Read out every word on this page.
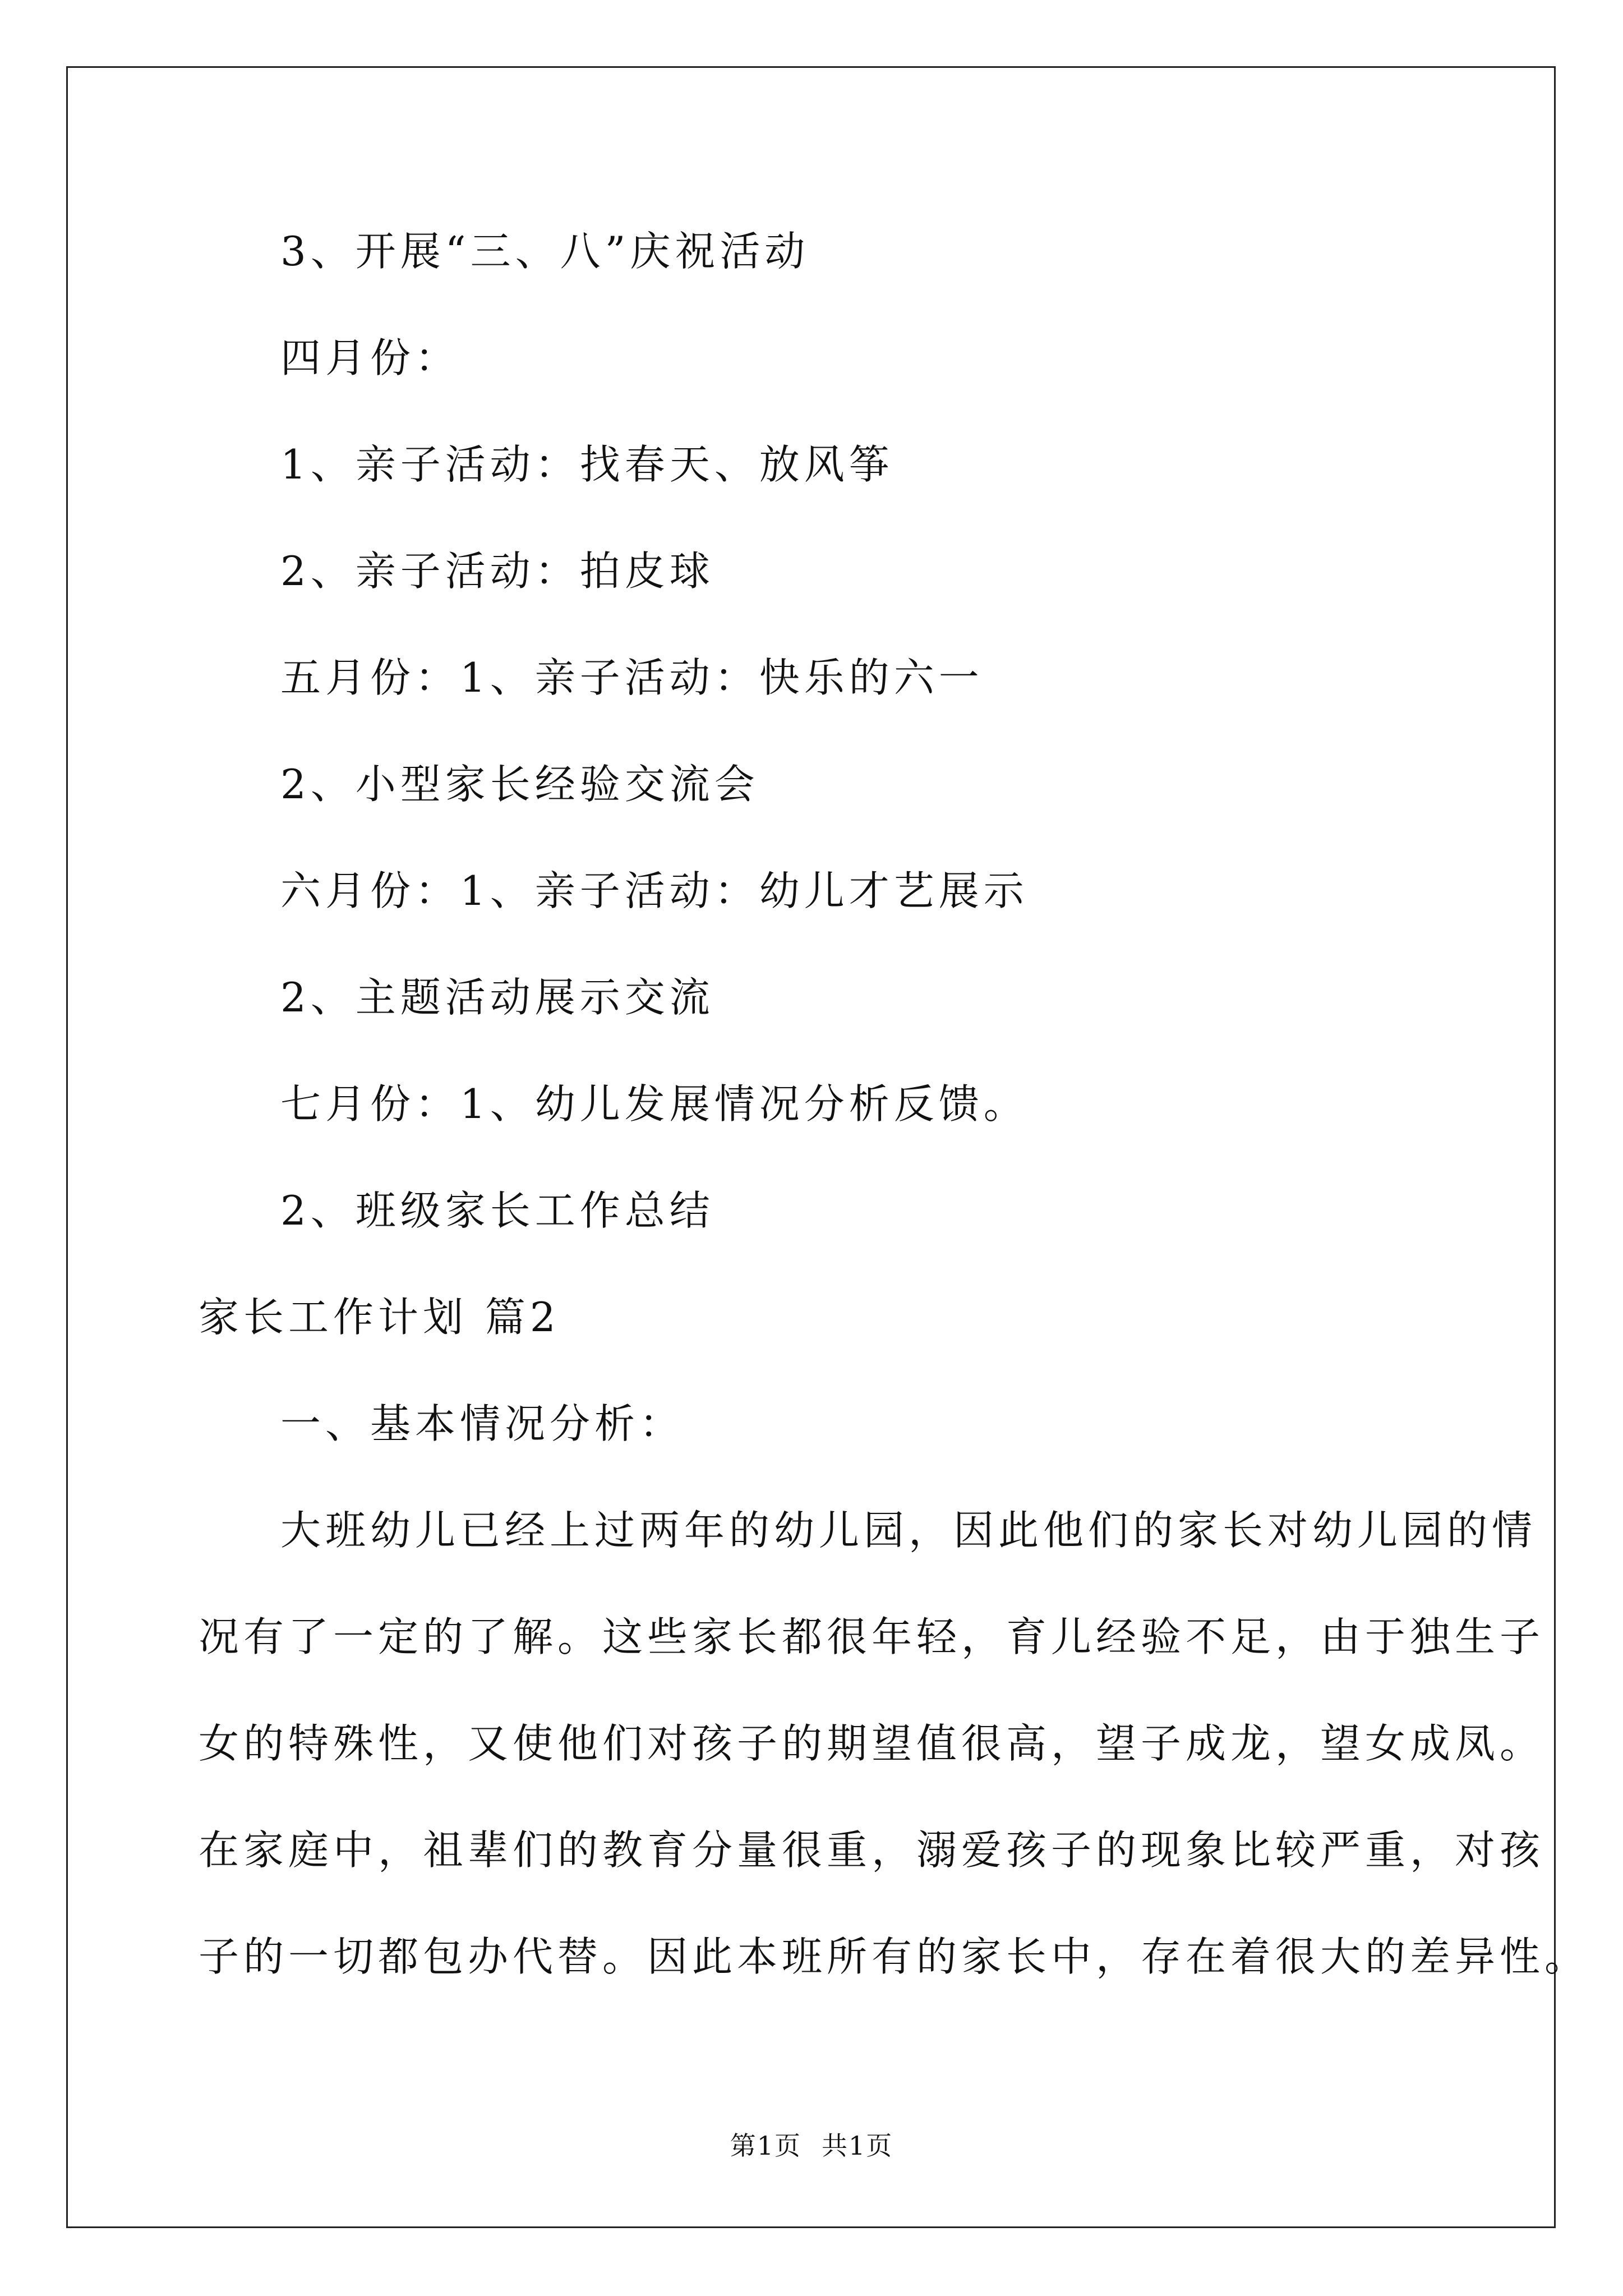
3、开展“三、八”庆祝活动
四月份：
1、亲子活动：找春天、放风筝
2、亲子活动：拍皮球
五月份：1、亲子活动：快乐的六一
2、小型家长经验交流会
六月份：1、亲子活动：幼儿才艺展示
2、主题活动展示交流
七月份：1、幼儿发展情况分析反馈。
2、班级家长工作总结
家长工作计划 篇2
一、基本情况分析：
大班幼儿已经上过两年的幼儿园，因此他们的家长对幼儿园的情
况有了一定的了解。这些家长都很年轻，育儿经验不足，由于独生子
女的特殊性，又使他们对孩子的期望值很高，望子成龙，望女成凤。
在家庭中，祖辈们的教育分量很重，溺爱孩子的现象比较严重，对孩
子的一切都包办代替。因此本班所有的家长中，存在着很大的差异性。
第1页 共1页
